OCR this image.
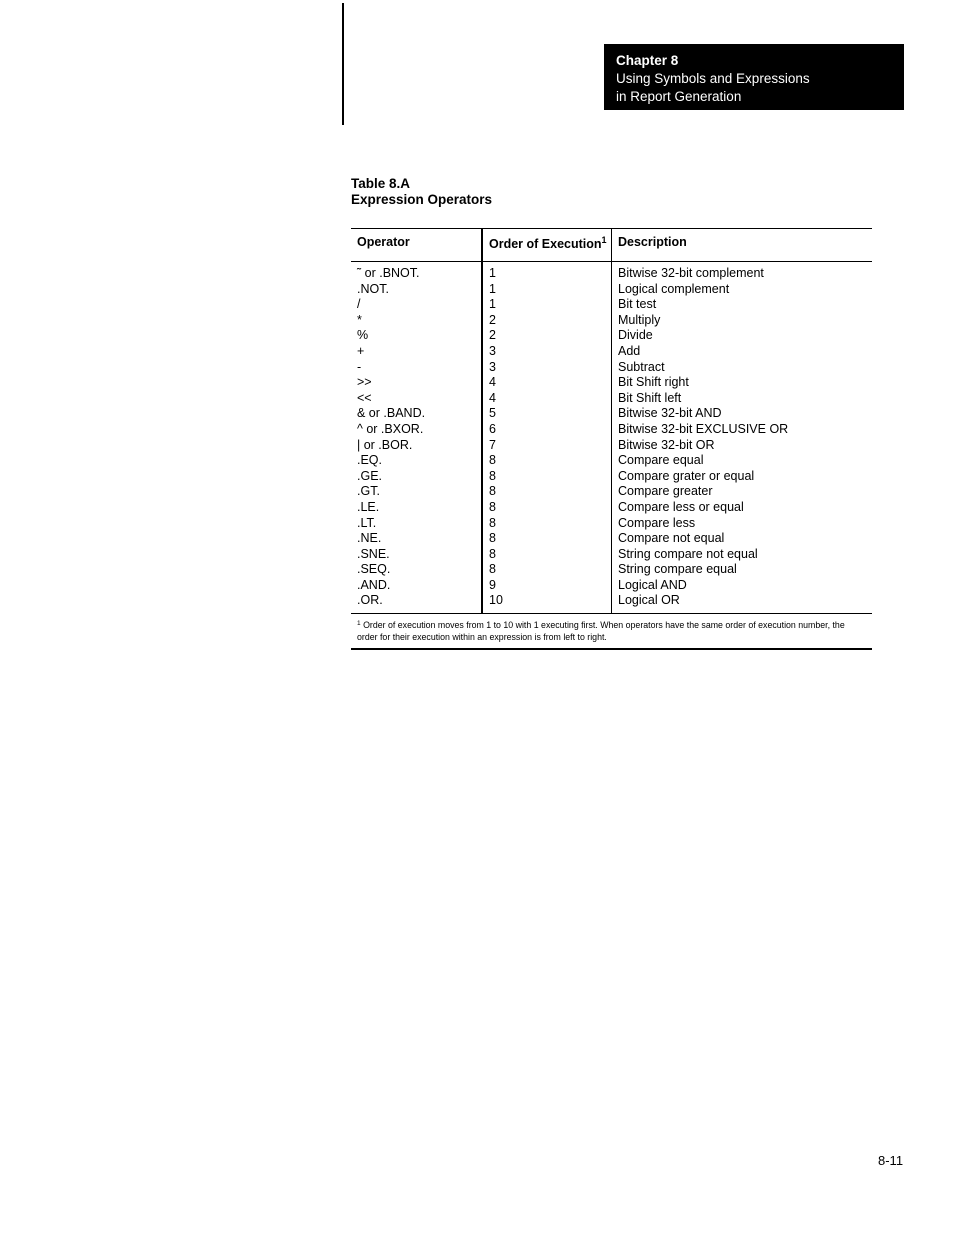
Chapter 8
Using Symbols and Expressions
in Report Generation
Table 8.A
Expression Operators
Operator	Order of Execution$^1$ Description
˜ or .BNOT.
.NOT.
/
*
%
+
-
>>
<<
& or .BAND.
^ or .BXOR.
| or .BOR.
.EQ.
.GE.
.GT.
.LE.
.LT.
.NE.
.SNE.
.SEQ.
.AND.
.OR.
1
1
1
2
2
3
3
4
4
5
6
7
8
8
8
8
8
8
8
8
9
10
Bitwise 32-bit complement
Logical complement
Bit test
Multiply
Divide
Add
Subtract
Bit Shift right
Bit Shift left
Bitwise 32-bit AND
Bitwise 32-bit EXCLUSIVE OR
Bitwise 32-bit OR
Compare equal
Compare grater or equal
Compare greater
Compare less or equal
Compare less
Compare not equal
String compare not equal
String compare equal
Logical AND
Logical OR
$^1$ Order of execution moves from 1 to 10 with 1 executing first. When operators have the same order of execution number, the
order for their execution within an expression is from left to right.
8-11
